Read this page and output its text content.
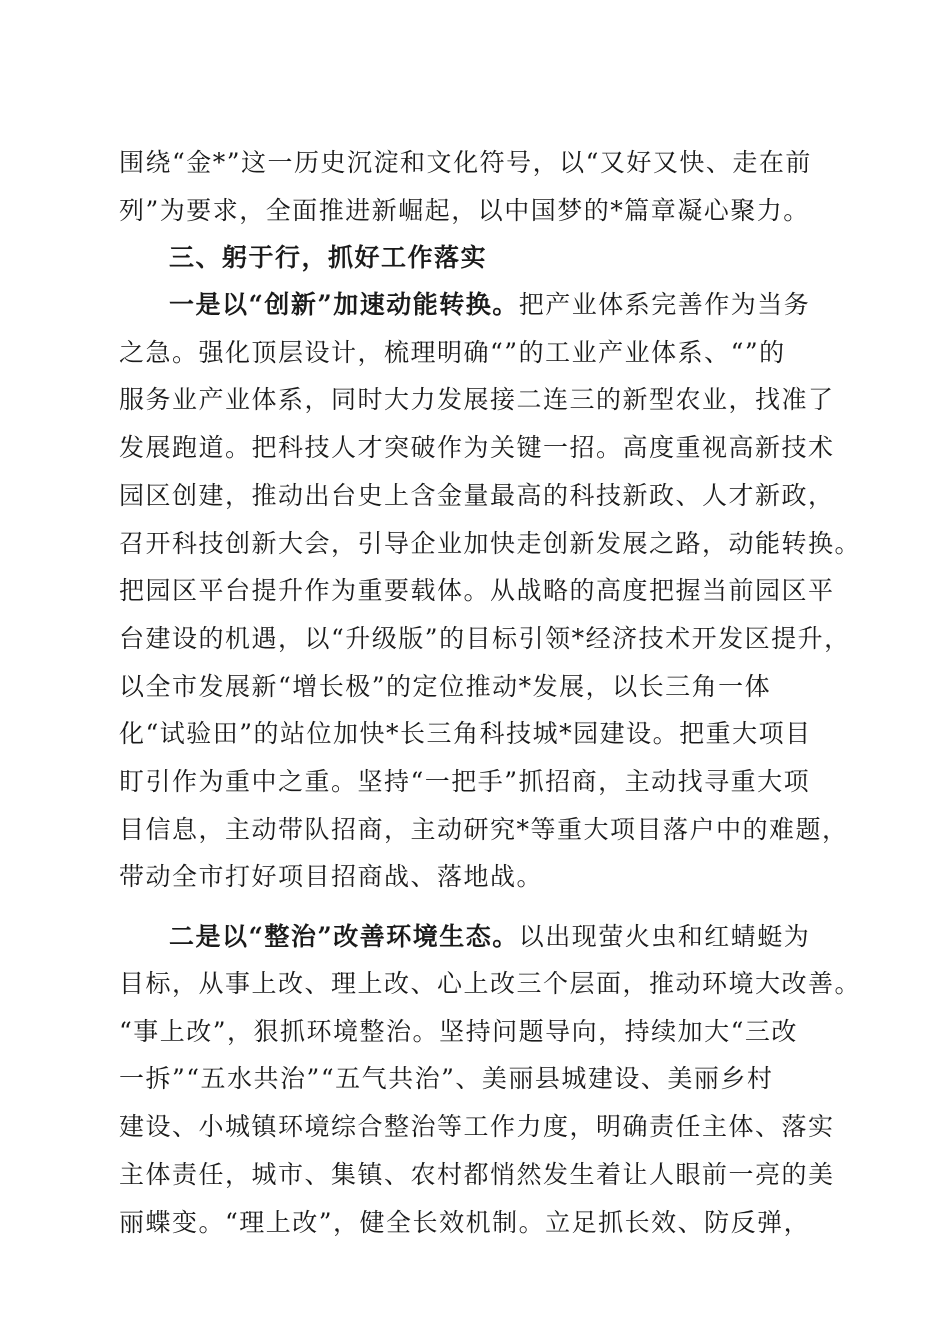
围绕“金*”这一历史沉淀和文化符号，以“又好又快、走在前
列”为要求，全面推进新崛起，以中国梦的*篇章凝心聚力。
三、躬于行，抓好工作落实
一是以“创新”加速动能转换。把产业体系完善作为当务
之急。强化顶层设计，梳理明确“”的工业产业体系、“”的
服务业产业体系，同时大力发展接二连三的新型农业，找准了
发展跑道。把科技人才突破作为关键一招。高度重视高新技术
园区创建，推动出台史上含金量最高的科技新政、人才新政，
召开科技创新大会，引导企业加快走创新发展之路，动能转换。
把园区平台提升作为重要载体。从战略的高度把握当前园区平
台建设的机遇，以“升级版”的目标引领*经济技术开发区提升，
以全市发展新“增长极”的定位推动*发展，以长三角一体
化“试验田”的站位加快*长三角科技城*园建设。把重大项目
盯引作为重中之重。坚持“一把手”抓招商，主动找寻重大项
目信息，主动带队招商，主动研究*等重大项目落户中的难题，
带动全市打好项目招商战、落地战。
二是以“整治”改善环境生态。以出现萤火虫和红蜻蜓为
目标，从事上改、理上改、心上改三个层面，推动环境大改善。
“事上改”，狠抓环境整治。坚持问题导向，持续加大“三改
一拆”“五水共治”“五气共治”、美丽县城建设、美丽乡村
建设、小城镇环境综合整治等工作力度，明确责任主体、落实
主体责任，城市、集镇、农村都悄然发生着让人眼前一亮的美
丽蝶变。“理上改”，健全长效机制。立足抓长效、防反弹，
